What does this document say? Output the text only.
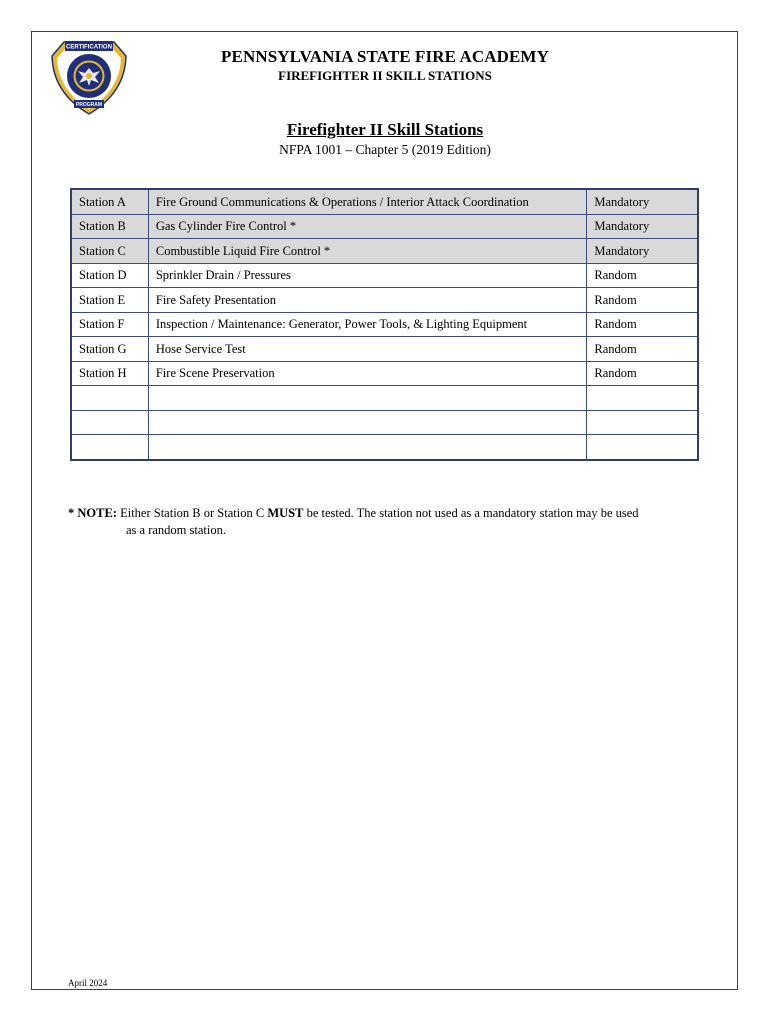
CERTIFICATION
PROGRAM
PENNSYLVANIA STATE FIRE ACADEMY
FIREFIGHTER II SKILL STATIONS
Firefighter II Skill Stations
NFPA 1001 – Chapter 5 (2019 Edition)
Station A	Fire Ground Communications & Operations / Interior Attack Coordination	Mandatory
Station B	Gas Cylinder Fire Control *	Mandatory
Station C	Combustible Liquid Fire Control *	Mandatory
Station D	Sprinkler Drain / Pressures	Random
Station E	Fire Safety Presentation	Random
Station F	Inspection / Maintenance: Generator, Power Tools, & Lighting Equipment	Random
Station G	Hose Service Test	Random
Station H	Fire Scene Preservation	Random

* NOTE: Either Station B or Station C MUST be tested. The station not used as a mandatory station may be used
as a random station.
April 2024
